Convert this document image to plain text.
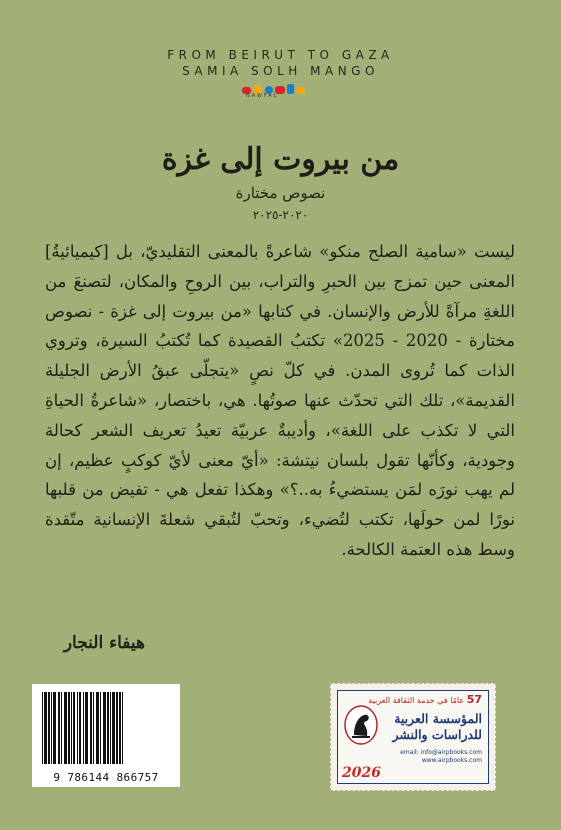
FROM BEIRUT TO GAZA
SAMIA SOLH MANGO
NAWFAL
من بيروت إلى غزة
نصوص مختارة
٢٠٢٠-٢٠٢٥

ليست «سامية الصلح منكو» شاعرةً بالمعنى التقليديّ، بل [كيميائيةُ] المعنى حين تمزج بين الحبرِ والتراب، بين الروحِ والمكان، لتصنعَ من اللغةِ مرآةً للأرض والإنسان. في كتابها «من بيروت إلى غزة - نصوص مختارة - 2020 - 2025» تكتبُ القصيدة كما تُكتبُ السيرة، وتروي الذات كما تُروى المدن. في كلّ نصٍ «يتجلّى عبقُ الأرض الجليلة القديمة»، تلك التي تحدّث عنها صوتُها. هي، باختصار، «شاعرةُ الحياةِ التي لا تكذب على اللغة»، وأديبةٌ عربيّة تعيدُ تعريف الشعر كحالة وجودية، وكأنّها تقول بلسان نيتشة: «أيّ معنى لأيّ كوكبٍ عظيم، إن لم يهب نورَه لمَن يستضيءُ به..؟» وهكذا تفعل هي - تفيض من قلبها نورًا لمن حولَها، تكتب لتُضيء، وتحبّ لتُبقي شعلةَ الإنسانية متّقدة وسط هذه العتمة الكالحة.

هيفاء النجار
9 786144 866757
57 عامًا في خدمة الثقافة العربية
المؤسسة العربية
للدراسات والنشر
email: info@airpbooks.com
www.airpbooks.com
2026
